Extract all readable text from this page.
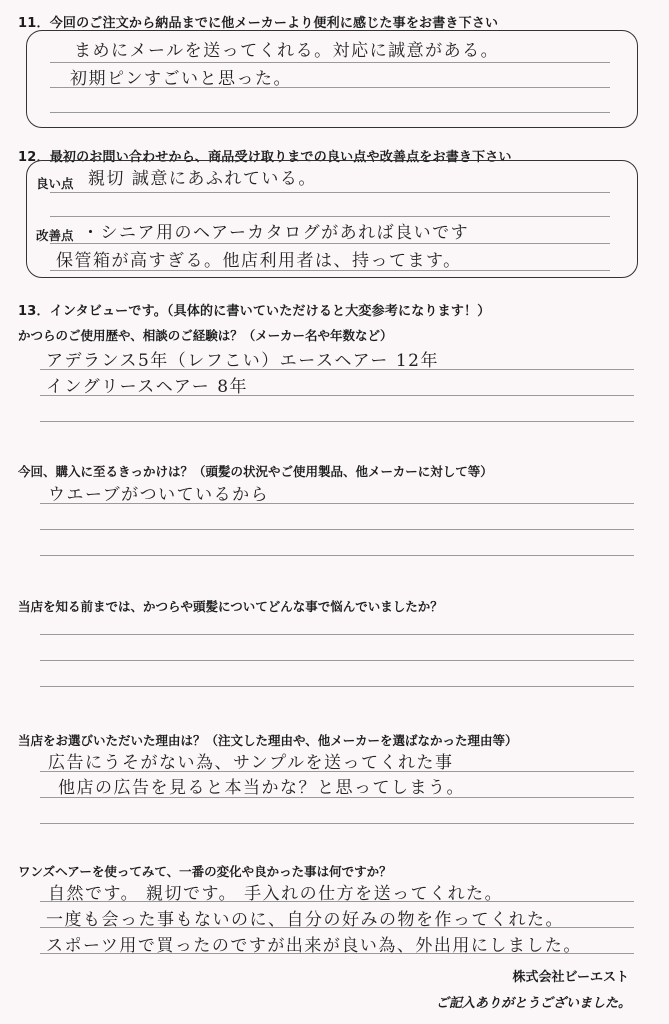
11．今回のご注文から納品までに他メーカーより便利に感じた事をお書き下さい
まめにメールを送ってくれる。対応に誠意がある。
初期ピンすごいと思った。
12．最初のお問い合わせから、商品受け取りまでの良い点や改善点をお書き下さい
良い点 親切 誠意にあふれている。
改善点 ・シニア用のヘアーカタログがあれば良いです
保管箱が高すぎる。他店利用者は、持ってます。
13．インタビューです。（具体的に書いていただけると大変参考になります！）
かつらのご使用歴や、相談のご経験は？（メーカー名や年数など）
アデランス5年（レフこい）エースヘアー 12年
イングリースヘアー 8年
今回、購入に至るきっかけは？（頭髪の状況やご使用製品、他メーカーに対して等）
ウエーブがついているから
当店を知る前までは、かつらや頭髪についてどんな事で悩んでいましたか？
当店をお選びいただいた理由は？（注文した理由や、他メーカーを選ばなかった理由等）
広告にうそがない為、サンプルを送ってくれた事
他店の広告を見ると本当かな？と思ってしまう。
ワンズヘアーを使ってみて、一番の変化や良かった事は何ですか？
自然です。 親切です。 手入れの仕方を送ってくれた。
一度も会った事もないのに、自分の好みの物を作ってくれた。
スポーツ用で買ったのですが出来が良い為、外出用にしました。
株式会社ビーエスト
ご記入ありがとうございました。
